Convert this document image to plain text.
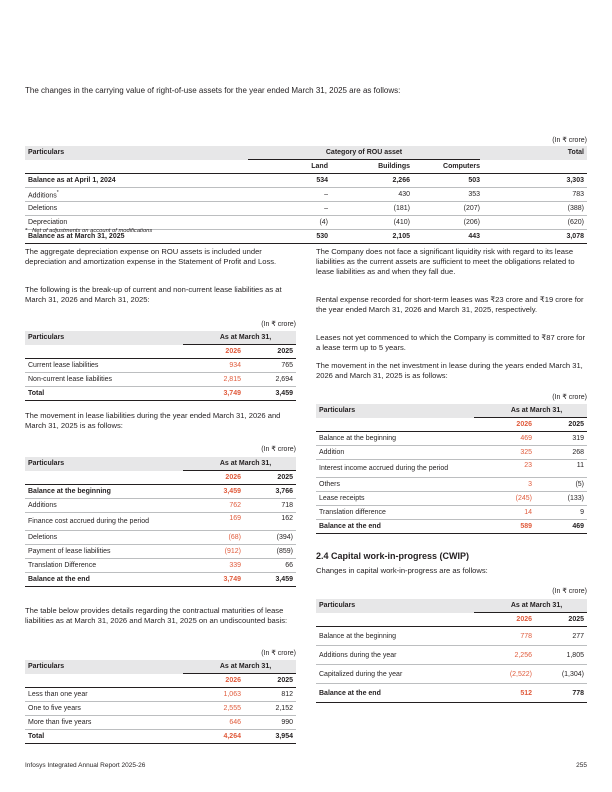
The changes in the carrying value of right-of-use assets for the year ended March 31, 2025 are as follows:
(In ₹ crore)
Particulars	Category of ROU asset			Total
	Land	Buildings	Computers	
Balance as at April 1, 2024	534	2,266	503	3,303
Additions*	–	430	353	783
Deletions	–	(181)	(207)	(388)
Depreciation	(4)	(410)	(206)	(620)
Balance as at March 31, 2025	530	2,105	443	3,078
* Net of adjustments on account of modifications
The aggregate depreciation expense on ROU assets is included under depreciation and amortization expense in the Statement of Profit and Loss.
The following is the break-up of current and non-current lease liabilities as at March 31, 2026 and March 31, 2025:
(In ₹ crore)
Particulars	As at March 31,	
	2026	2025
Current lease liabilities	934	765
Non-current lease liabilities	2,815	2,694
Total	3,749	3,459
The movement in lease liabilities during the year ended March 31, 2026 and March 31, 2025 is as follows:
(In ₹ crore)
Particulars	As at March 31,	
	2026	2025
Balance at the beginning	3,459	3,766
Additions	762	718
Finance cost accrued during the period	169	162
Deletions	(68)	(394)
Payment of lease liabilities	(912)	(859)
Translation Difference	339	66
Balance at the end	3,749	3,459
The table below provides details regarding the contractual maturities of lease liabilities as at March 31, 2026 and March 31, 2025 on an undiscounted basis:
(In ₹ crore)
Particulars	As at March 31,	
	2026	2025
Less than one year	1,063	812
One to five years	2,555	2,152
More than five years	646	990
Total	4,264	3,954
The Company does not face a significant liquidity risk with regard to its lease liabilities as the current assets are sufficient to meet the obligations related to lease liabilities as and when they fall due.
Rental expense recorded for short-term leases was ₹23 crore and ₹19 crore for the year ended March 31, 2026 and March 31, 2025, respectively.
Leases not yet commenced to which the Company is committed to ₹87 crore for a lease term up to 5 years.
The movement in the net investment in lease during the years ended March 31, 2026 and March 31, 2025 is as follows:
(In ₹ crore)
Particulars	As at March 31,	
	2026	2025
Balance at the beginning	469	319
Addition	325	268
Interest income accrued during the period	23	11
Others	3	(5)
Lease receipts	(245)	(133)
Translation difference	14	9
Balance at the end	589	469
2.4 Capital work-in-progress (CWIP)
Changes in capital work-in-progress are as follows:
(In ₹ crore)
Particulars	As at March 31,	
	2026	2025
Balance at the beginning	778	277
Additions during the year	2,256	1,805
Capitalized during the year	(2,522)	(1,304)
Balance at the end	512	778
Infosys Integrated Annual Report 2025-26	255
